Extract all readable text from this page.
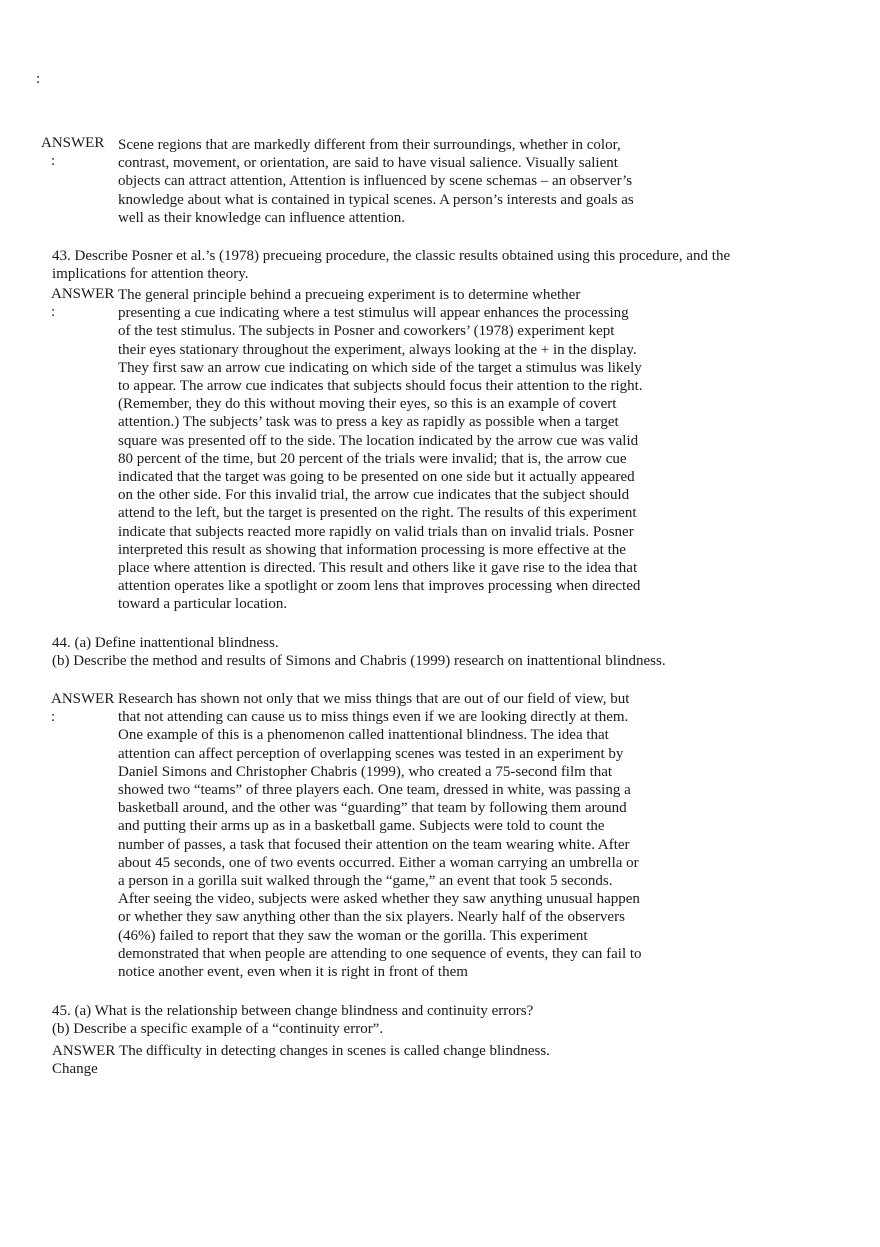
:
ANSWER
:
Scene regions that are markedly different from their surroundings, whether in color,
contrast, movement, or orientation, are said to have visual salience. Visually salient
objects can attract attention, Attention is influenced by scene schemas – an observer’s
knowledge about what is contained in typical scenes. A person’s interests and goals as
well as their knowledge can influence attention.
43. Describe Posner et al.’s (1978) precueing procedure, the classic results obtained using this procedure, and the
implications for attention theory.
ANSWER
:
The general principle behind a precueing experiment is to determine whether
presenting a cue indicating where a test stimulus will appear enhances the processing
of the test stimulus. The subjects in Posner and coworkers’ (1978) experiment kept
their eyes stationary throughout the experiment, always looking at the + in the display.
They first saw an arrow cue indicating on which side of the target a stimulus was likely
to appear. The arrow cue indicates that subjects should focus their attention to the right.
(Remember, they do this without moving their eyes, so this is an example of covert
attention.) The subjects’ task was to press a key as rapidly as possible when a target
square was presented off to the side. The location indicated by the arrow cue was valid
80 percent of the time, but 20 percent of the trials were invalid; that is, the arrow cue
indicated that the target was going to be presented on one side but it actually appeared
on the other side. For this invalid trial, the arrow cue indicates that the subject should
attend to the left, but the target is presented on the right. The results of this experiment
indicate that subjects reacted more rapidly on valid trials than on invalid trials. Posner
interpreted this result as showing that information processing is more effective at the
place where attention is directed. This result and others like it gave rise to the idea that
attention operates like a spotlight or zoom lens that improves processing when directed
toward a particular location.
44. (a) Define inattentional blindness.
(b) Describe the method and results of Simons and Chabris (1999) research on inattentional blindness.
ANSWER
:
Research has shown not only that we miss things that are out of our field of view, but
that not attending can cause us to miss things even if we are looking directly at them.
One example of this is a phenomenon called inattentional blindness. The idea that
attention can affect perception of overlapping scenes was tested in an experiment by
Daniel Simons and Christopher Chabris (1999), who created a 75-second film that
showed two “teams” of three players each. One team, dressed in white, was passing a
basketball around, and the other was “guarding” that team by following them around
and putting their arms up as in a basketball game. Subjects were told to count the
number of passes, a task that focused their attention on the team wearing white. After
about 45 seconds, one of two events occurred. Either a woman carrying an umbrella or
a person in a gorilla suit walked through the “game,” an event that took 5 seconds.
After seeing the video, subjects were asked whether they saw anything unusual happen
or whether they saw anything other than the six players. Nearly half of the observers
(46%) failed to report that they saw the woman or the gorilla. This experiment
demonstrated that when people are attending to one sequence of events, they can fail to
notice another event, even when it is right in front of them
45. (a) What is the relationship between change blindness and continuity errors?
(b) Describe a specific example of a “continuity error”.
ANSWER The difficulty in detecting changes in scenes is called change blindness.
Change
